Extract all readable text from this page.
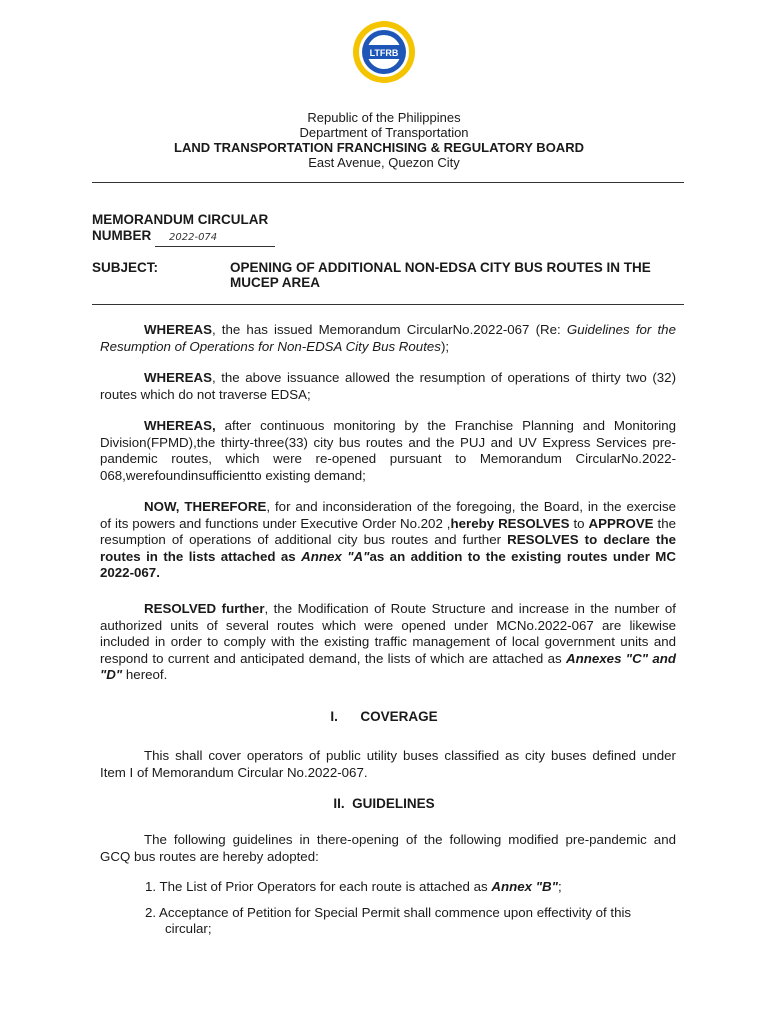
LTFRB
Republic of the Philippines
Department of Transportation
LAND TRANSPORTATION FRANCHISING & REGULATORY BOARD
East Avenue, Quezon City
MEMORANDUM CIRCULAR
NUMBER 2022-074
SUBJECT:	OPENING OF ADDITIONAL NON-EDSA CITY BUS ROUTES IN THE MUCEP AREA

WHEREAS, the has issued Memorandum CircularNo.2022-067 (Re: Guidelines for the Resumption of Operations for Non-EDSA City Bus Routes);

WHEREAS, the above issuance allowed the resumption of operations of thirty two (32) routes which do not traverse EDSA;

WHEREAS, after continuous monitoring by the Franchise Planning and Monitoring Division(FPMD),the thirty-three(33) city bus routes and the PUJ and UV Express Services pre-pandemic routes, which were re-opened pursuant to Memorandum CircularNo.2022-068,werefoundinsufficientto existing demand;

NOW, THEREFORE, for and inconsideration of the foregoing, the Board, in the exercise of its powers and functions under Executive Order No.202 ,hereby RESOLVES to APPROVE the resumption of operations of additional city bus routes and further RESOLVES to declare the routes in the lists attached as Annex "A"as an addition to the existing routes under MC 2022-067.

RESOLVED further, the Modification of Route Structure and increase in the number of authorized units of several routes which were opened under MCNo.2022-067 are likewise included in order to comply with the existing traffic management of local government units and respond to current and anticipated demand, the lists of which are attached as Annexes "C" and "D" hereof.

I.      COVERAGE

This shall cover operators of public utility buses classified as city buses defined under Item I of Memorandum Circular No.2022-067.

II.  GUIDELINES

The following guidelines in there-opening of the following modified pre-pandemic and GCQ bus routes are hereby adopted:

1. The List of Prior Operators for each route is attached as Annex "B";
2. Acceptance of Petition for Special Permit shall commence upon effectivity of this circular;
